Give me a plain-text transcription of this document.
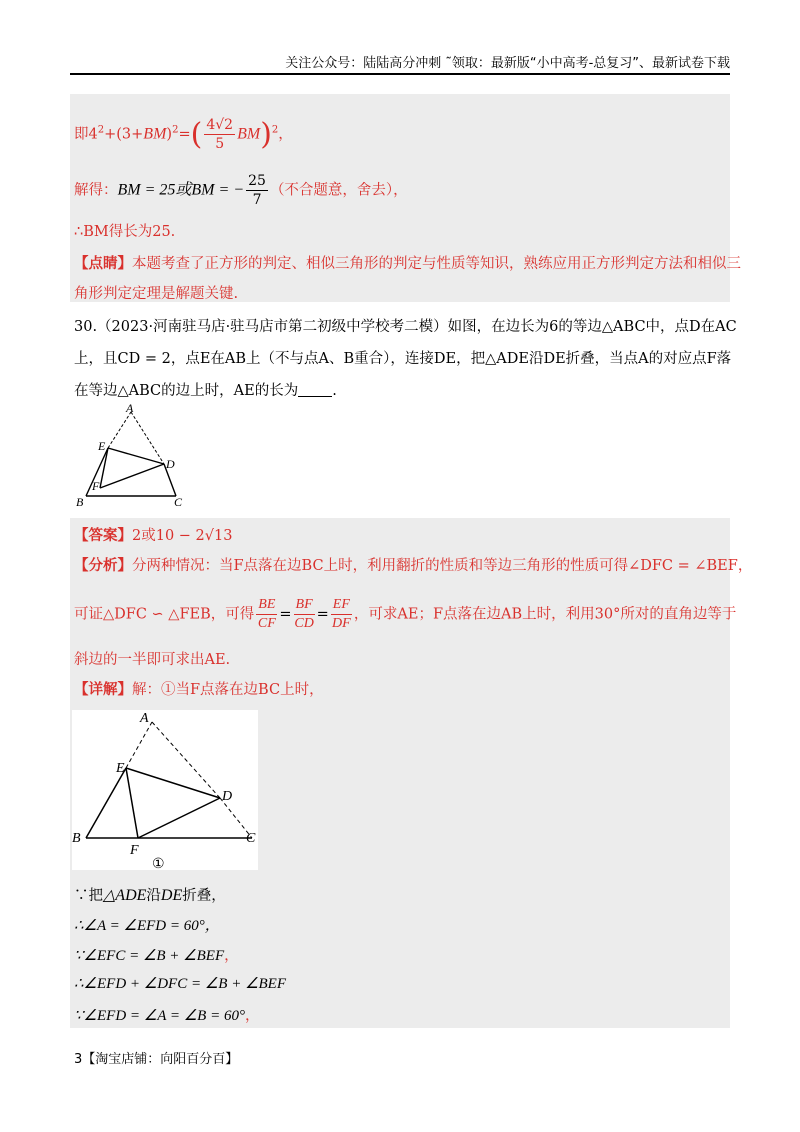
关注公众号：陆陆高分冲刺 ˜领取：最新版“小中高考-总复习”、最新试卷下载
即$4^2+(3+BM)^2=( \frac{4√2}{5} BM)^2$，
解得：BM = 25或BM = − $\frac{25}{7}$ （不合题意，舍去），
∴BM得长为25.
【点睛】本题考查了正方形的判定、相似三角形的判定与性质等知识，熟练应用正方形判定方法和相似三
角形判定定理是解题关键.
30.（2023·河南驻马店·驻马店市第二初级中学校考二模）如图，在边长为6的等边△ABC中，点D在AC
上，且CD = 2，点E在AB上（不与点A、B重合），连接DE，把△ADE沿DE折叠，当点A的对应点F落
在等边△ABC的边上时，AE的长为 .
A
E
D
F
B	C
【答案】2或10 − 2√13
【分析】分两种情况：当F点落在边BC上时，利用翻折的性质和等边三角形的性质可得∠DFC = ∠BEF，
可证△DFC ∽ △FEB，可得 $\frac{BE}{CF} = \frac{BF}{CD} = \frac{EF}{DF}$ ，可求AE；F点落在边AB上时，利用30°所对的直角边等于
斜边的一半即可求出AE.
【详解】解：①当F点落在边BC上时，
A
E
D
B	C
F
①
∵把△ADE沿DE折叠，
∴∠A = ∠EFD = 60°，
∵∠EFC = ∠B + ∠BEF，
∴∠EFD + ∠DFC = ∠B + ∠BEF
∵∠EFD = ∠A = ∠B = 60°，
3【淘宝店铺：向阳百分百】
